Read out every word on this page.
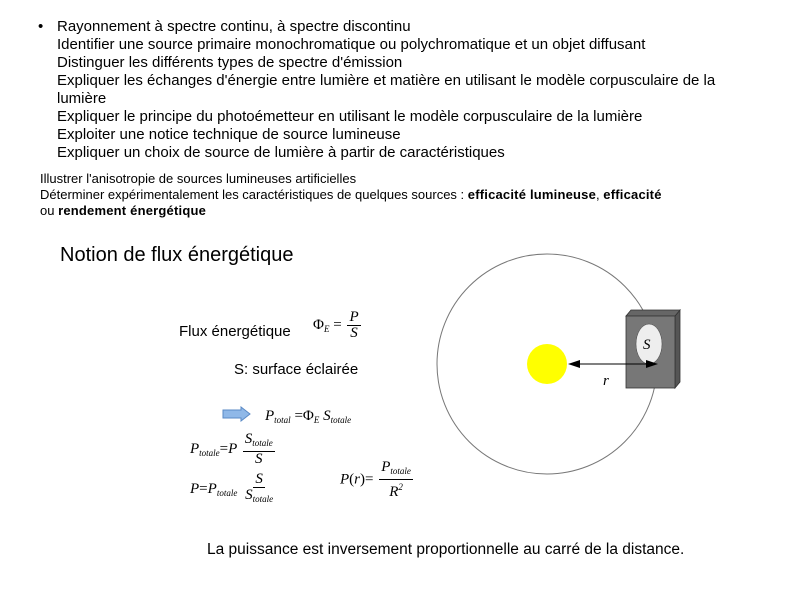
• Rayonnement à spectre continu, à spectre discontinu
Identifier une source primaire monochromatique ou polychromatique et un objet diffusant
Distinguer les différents types de spectre d'émission
Expliquer les échanges d'énergie entre lumière et matière en utilisant le modèle corpusculaire de la
lumière
Expliquer le principe du photoémetteur en utilisant le modèle corpusculaire de la lumière
Exploiter une notice technique de source lumineuse
Expliquer un choix de source de lumière à partir de caractéristiques
Illustrer l'anisotropie de sources lumineuses artificielles
Déterminer expérimentalement les caractéristiques de quelques sources : efficacité lumineuse, efficacité
ou rendement énergétique
Notion de flux énergétique
Flux énergétique $\Phi_E = \frac{P}{S}$
S: surface éclairée
$P_{total} =\Phi_E$ $S_{totale}$
$P_{totale}=P \frac{S_{totale}}{S}$
$P=P_{totale} \frac{S}{S_{totale}}$	$P(r)= \frac{P_{totale}}{R^2}$
S
r
La puissance est inversement proportionnelle au carré de la distance.
